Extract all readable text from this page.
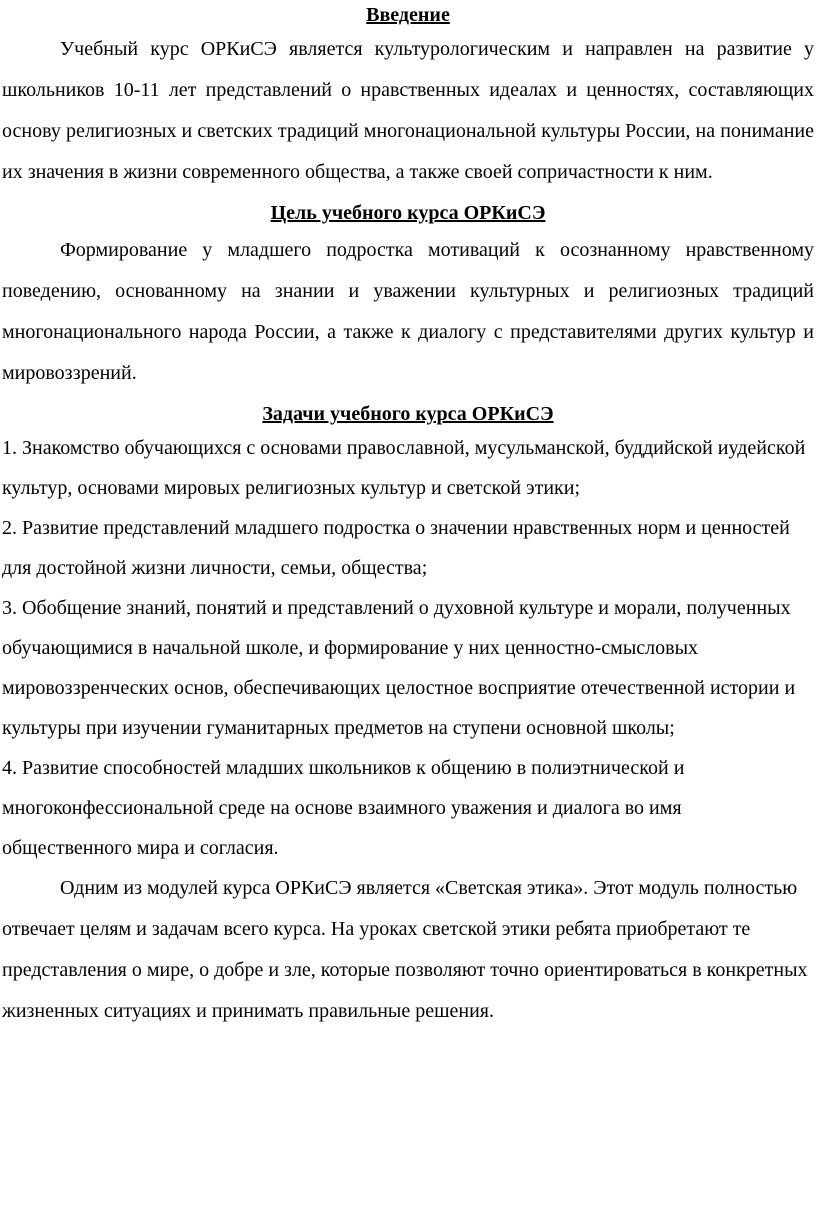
Введение

Учебный курс ОРКиСЭ является культурологическим и направлен на развитие у школьников 10-11 лет представлений о нравственных идеалах и ценностях, составляющих основу религиозных и светских традиций многонациональной культуры России, на понимание их значения в жизни современного общества, а также своей сопричастности к ним.

Цель учебного курса ОРКиСЭ

Формирование у младшего подростка мотиваций к осознанному нравственному поведению, основанному на знании и уважении культурных и религиозных традиций многонационального народа России, а также к диалогу с представителями других культур и мировоззрений.

Задачи учебного курса ОРКиСЭ

1. Знакомство обучающихся с основами православной, мусульманской, буддийской иудейской культур, основами мировых религиозных культур и светской этики;

2. Развитие представлений младшего подростка о значении нравственных норм и ценностей для достойной жизни личности, семьи, общества;

3. Обобщение знаний, понятий и представлений о духовной культуре и морали, полученных обучающимися в начальной школе, и формирование у них ценностно-смысловых мировоззренческих основ, обеспечивающих целостное восприятие отечественной истории и культуры при изучении гуманитарных предметов на ступени основной школы;

4. Развитие способностей младших школьников к общению в полиэтнической и многоконфессиональной среде на основе взаимного уважения и диалога во имя общественного мира и согласия.

Одним из модулей курса ОРКиСЭ является «Светская этика». Этот модуль полностью отвечает целям и задачам всего курса. На уроках светской этики ребята приобретают те представления о мире, о добре и зле, которые позволяют точно ориентироваться в конкретных жизненных ситуациях и принимать правильные решения.
